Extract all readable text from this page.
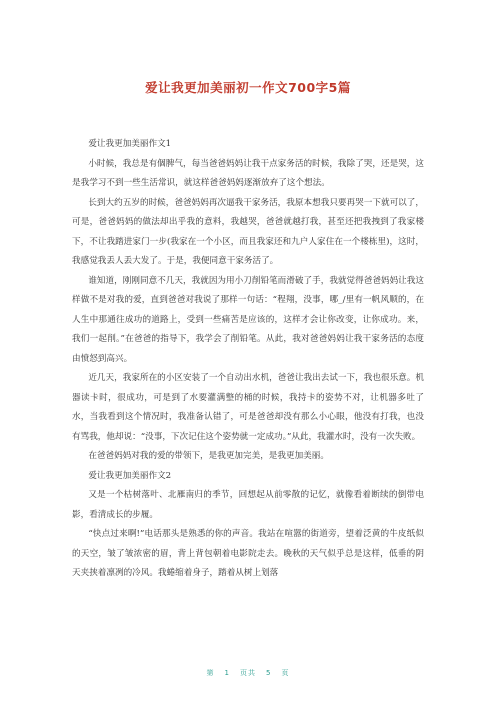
爱让我更加美丽初一作文700字5篇

爱让我更加美丽作文1

小时候，我总是有個脾气，每当爸爸妈妈让我干点家务活的时候，我除了哭，还是哭，这是我学习不到一些生活常识，就这样爸爸妈妈逐渐放弃了这个想法。

长到大约五岁的时候，爸爸妈妈再次逼我干家务活，我原本想我只要再哭一下就可以了，可是，爸爸妈妈的做法却出乎我的意料，我越哭，爸爸就越打我，甚至还把我拽到了我家楼下，不让我踏进家门一步(我家在一个小区，而且我家还和九户人家住在一个楼栋里)，这时，我感觉我丢人丢大发了。于是，我便同意干家务活了。

谁知道，刚刚同意不几天，我就因为用小刀削铅笔而滑破了手，我就觉得爸爸妈妈让我这样做不是对我的爱，直到爸爸对我说了那样一句话：“程翔，没事，哪_/里有一帆风顺的，在人生中那通往成功的道路上，受到一些痛苦是应该的，这样才会让你改变，让你成功。来，我们一起削。”在爸爸的指导下，我学会了削铅笔。从此，我对爸爸妈妈让我干家务活的态度由愤怒到高兴。

近几天，我家所在的小区安装了一个自动出水机，爸爸让我出去试一下，我也很乐意。机器读卡时，很成功，可是到了水要灌满整的桶的时候，我持卡的姿势不对，让机器多吐了水，当我看到这个情况时，我准备认错了，可是爸爸却没有那么小心眼，他没有打我，也没有骂我，他却说：“没事，下次记住这个姿势就一定成功。”从此，我灌水时，没有一次失败。

在爸爸妈妈对我的爱的带领下，是我更加完美，是我更加美丽。

爱让我更加美丽作文2

又是一个枯树落叶、北雁南归的季节，回想起从前零散的记忆，就像看着断续的倒带电影，看清成长的步履。

“快点过来啊!”电话那头是熟悉的你的声音。我站在喧嚣的街道旁，望着泛黄的牛皮纸似的天空，皱了皱浓密的眉，背上背包朝着电影院走去。晚秋的天气似乎总是这样，低垂的阴天夹挟着凛冽的冷风。我蜷缩着身子，踏着从树上划落

第 1 页共 5 页
